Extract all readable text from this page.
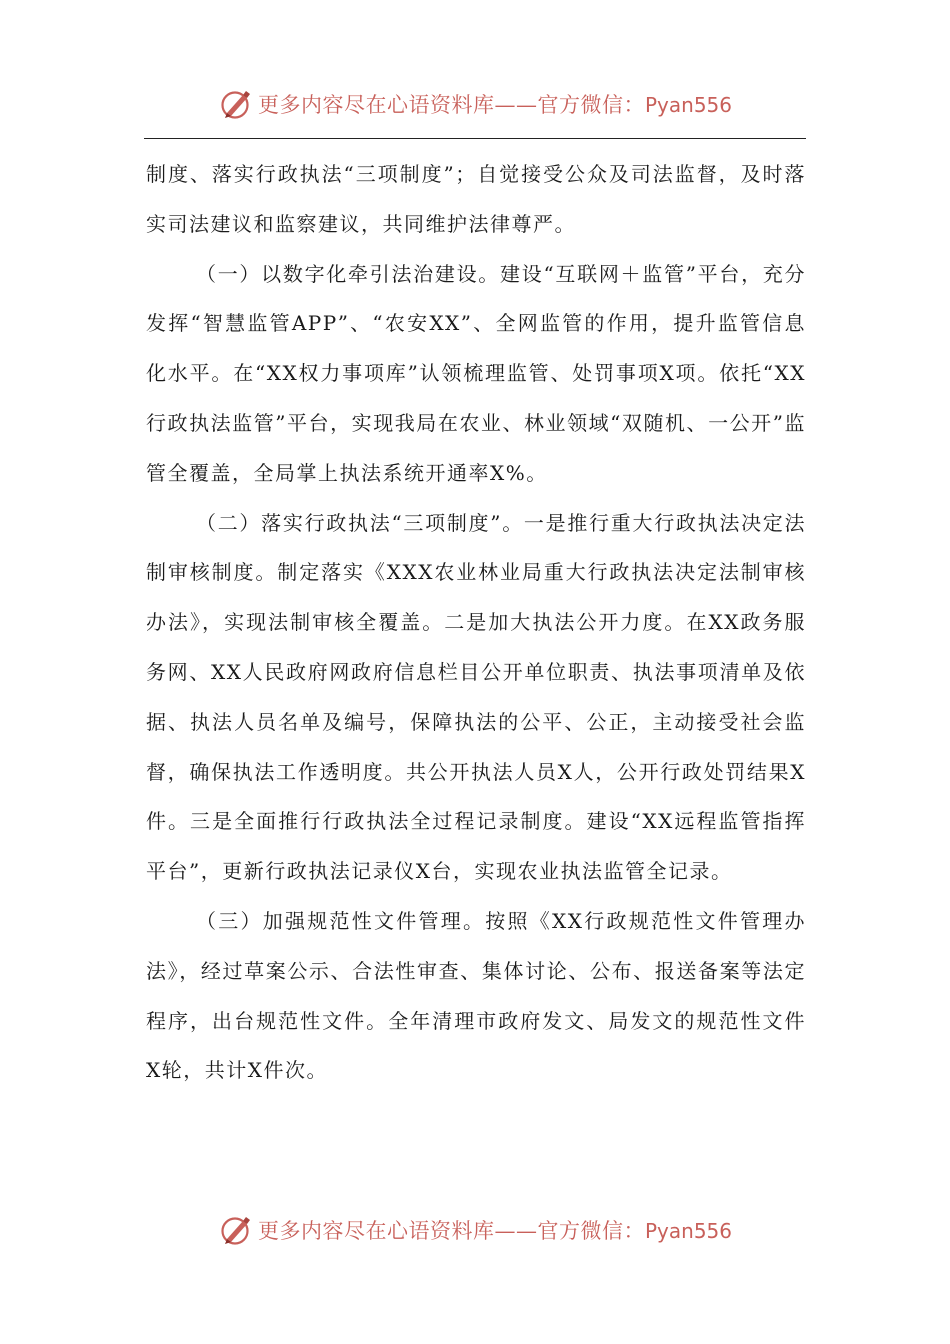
更多内容尽在心语资料库——官方微信：Pyan556

制度、落实行政执法“三项制度”；自觉接受公众及司法监督，及时落实司法建议和监察建议，共同维护法律尊严。

（一）以数字化牵引法治建设。建设“互联网＋监管”平台，充分发挥“智慧监管APP”、“农安XX”、全网监管的作用，提升监管信息化水平。在“XX权力事项库”认领梳理监管、处罚事项X项。依托“XX行政执法监管”平台，实现我局在农业、林业领域“双随机、一公开”监管全覆盖，全局掌上执法系统开通率X%。

（二）落实行政执法“三项制度”。一是推行重大行政执法决定法制审核制度。制定落实《XXX农业林业局重大行政执法决定法制审核办法》，实现法制审核全覆盖。二是加大执法公开力度。在XX政务服务网、XX人民政府网政府信息栏目公开单位职责、执法事项清单及依据、执法人员名单及编号，保障执法的公平、公正，主动接受社会监督，确保执法工作透明度。共公开执法人员X人，公开行政处罚结果X件。三是全面推行行政执法全过程记录制度。建设“XX远程监管指挥平台”，更新行政执法记录仪X台，实现农业执法监管全记录。

（三）加强规范性文件管理。按照《XX行政规范性文件管理办法》，经过草案公示、合法性审查、集体讨论、公布、报送备案等法定程序，出台规范性文件。全年清理市政府发文、局发文的规范性文件X轮，共计X件次。

更多内容尽在心语资料库——官方微信：Pyan556
